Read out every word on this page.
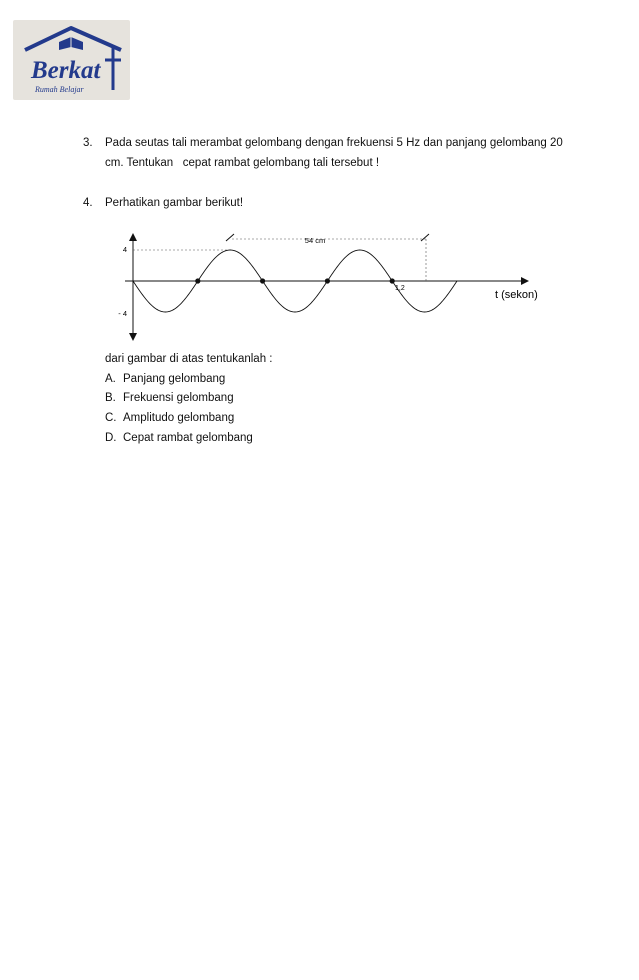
Berkat
Rumah Belajar
3. Pada seutas tali merambat gelombang dengan frekuensi 5 Hz dan panjang gelombang 20
cm. Tentukan   cepat rambat gelombang tali tersebut !
4. Perhatikan gambar berikut!
54 cm
4
- 4
1,2
t (sekon)
dari gambar di atas tentukanlah :
A. Panjang gelombang
B. Frekuensi gelombang
C. Amplitudo gelombang
D. Cepat rambat gelombang
